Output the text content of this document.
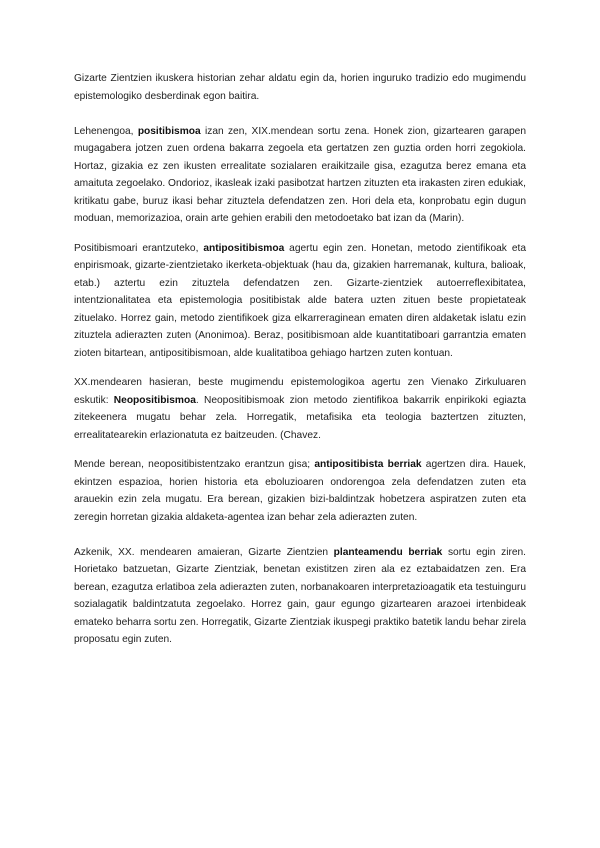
Gizarte Zientzien ikuskera historian zehar aldatu egin da, horien inguruko tradizio edo mugimendu epistemologiko desberdinak egon baitira.

Lehenengoa, positibismoa izan zen, XIX.mendean sortu zena. Honek zion, gizartearen garapen mugagabera jotzen zuen ordena bakarra zegoela eta gertatzen zen guztia orden horri zegokiola. Hortaz, gizakia ez zen ikusten errealitate sozialaren eraikitzaile gisa, ezagutza berez emana eta amaituta zegoelako. Ondorioz, ikasleak izaki pasibotzat hartzen zituzten eta irakasten ziren edukiak, kritikatu gabe, buruz ikasi behar zituztela defendatzen zen. Hori dela eta, konprobatu egin dugun moduan, memorizazioa, orain arte gehien erabili den metodoetako bat izan da (Marin).

Positibismoari erantzuteko, antipositibismoa agertu egin zen. Honetan, metodo zientifikoak eta enpirismoak, gizarte-zientzietako ikerketa-objektuak (hau da, gizakien harremanak, kultura, balioak, etab.) aztertu ezin zituztela defendatzen zen. Gizarte-zientziek autoerreflexibitatea, intentzionalitatea eta epistemologia positibistak alde batera uzten zituen beste propietateak zituelako. Horrez gain, metodo zientifikoek giza elkarreraginean ematen diren aldaketak islatu ezin zituztela adierazten zuten (Anonimoa). Beraz, positibismoan alde kuantitatiboari garrantzia ematen zioten bitartean, antipositibismoan, alde kualitatiboa gehiago hartzen zuten kontuan.

XX.mendearen hasieran, beste mugimendu epistemologikoa agertu zen Vienako Zirkuluaren eskutik: Neopositibismoa. Neopositibismoak zion metodo zientifikoa bakarrik enpirikoki egiazta zitekeenera mugatu behar zela. Horregatik, metafisika eta teologia baztertzen zituzten, errealitatearekin erlazionatuta ez baitzeuden. (Chavez.

Mende berean, neopositibistentzako erantzun gisa; antipositibista berriak agertzen dira. Hauek, ekintzen espazioa, horien historia eta eboluzioaren ondorengoa zela defendatzen zuten eta arauekin ezin zela mugatu. Era berean, gizakien bizi-baldintzak hobetzera aspiratzen zuten eta zeregin horretan gizakia aldaketa-agentea izan behar zela adierazten zuten.

Azkenik, XX. mendearen amaieran, Gizarte Zientzien planteamendu berriak sortu egin ziren. Horietako batzuetan, Gizarte Zientziak, benetan existitzen ziren ala ez eztabaidatzen zen. Era berean, ezagutza erlatiboa zela adierazten zuten, norbanakoaren interpretazioagatik eta testuinguru sozialagatik baldintzatuta zegoelako. Horrez gain, gaur egungo gizartearen arazoei irtenbideak emateko beharra sortu zen. Horregatik, Gizarte Zientziak ikuspegi praktiko batetik landu behar zirela proposatu egin zuten.
